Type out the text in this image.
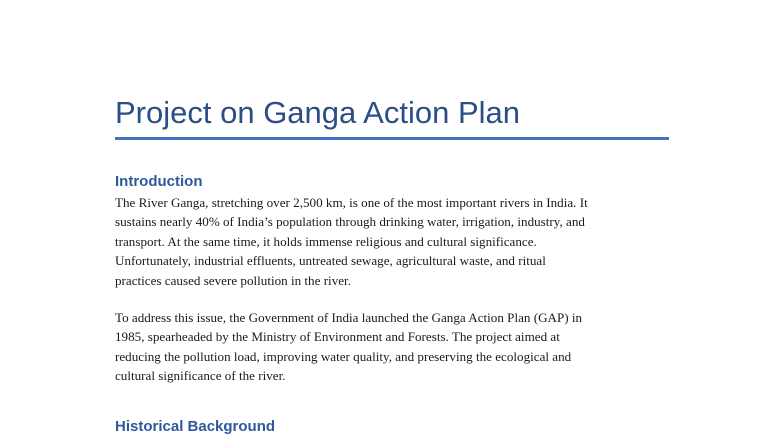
Project on Ganga Action Plan
Introduction

The River Ganga, stretching over 2,500 km, is one of the most important rivers in India. It
sustains nearly 40% of India’s population through drinking water, irrigation, industry, and
transport. At the same time, it holds immense religious and cultural significance.
Unfortunately, industrial effluents, untreated sewage, agricultural waste, and ritual
practices caused severe pollution in the river.

To address this issue, the Government of India launched the Ganga Action Plan (GAP) in
1985, spearheaded by the Ministry of Environment and Forests. The project aimed at
reducing the pollution load, improving water quality, and preserving the ecological and
cultural significance of the river.

Historical Background
